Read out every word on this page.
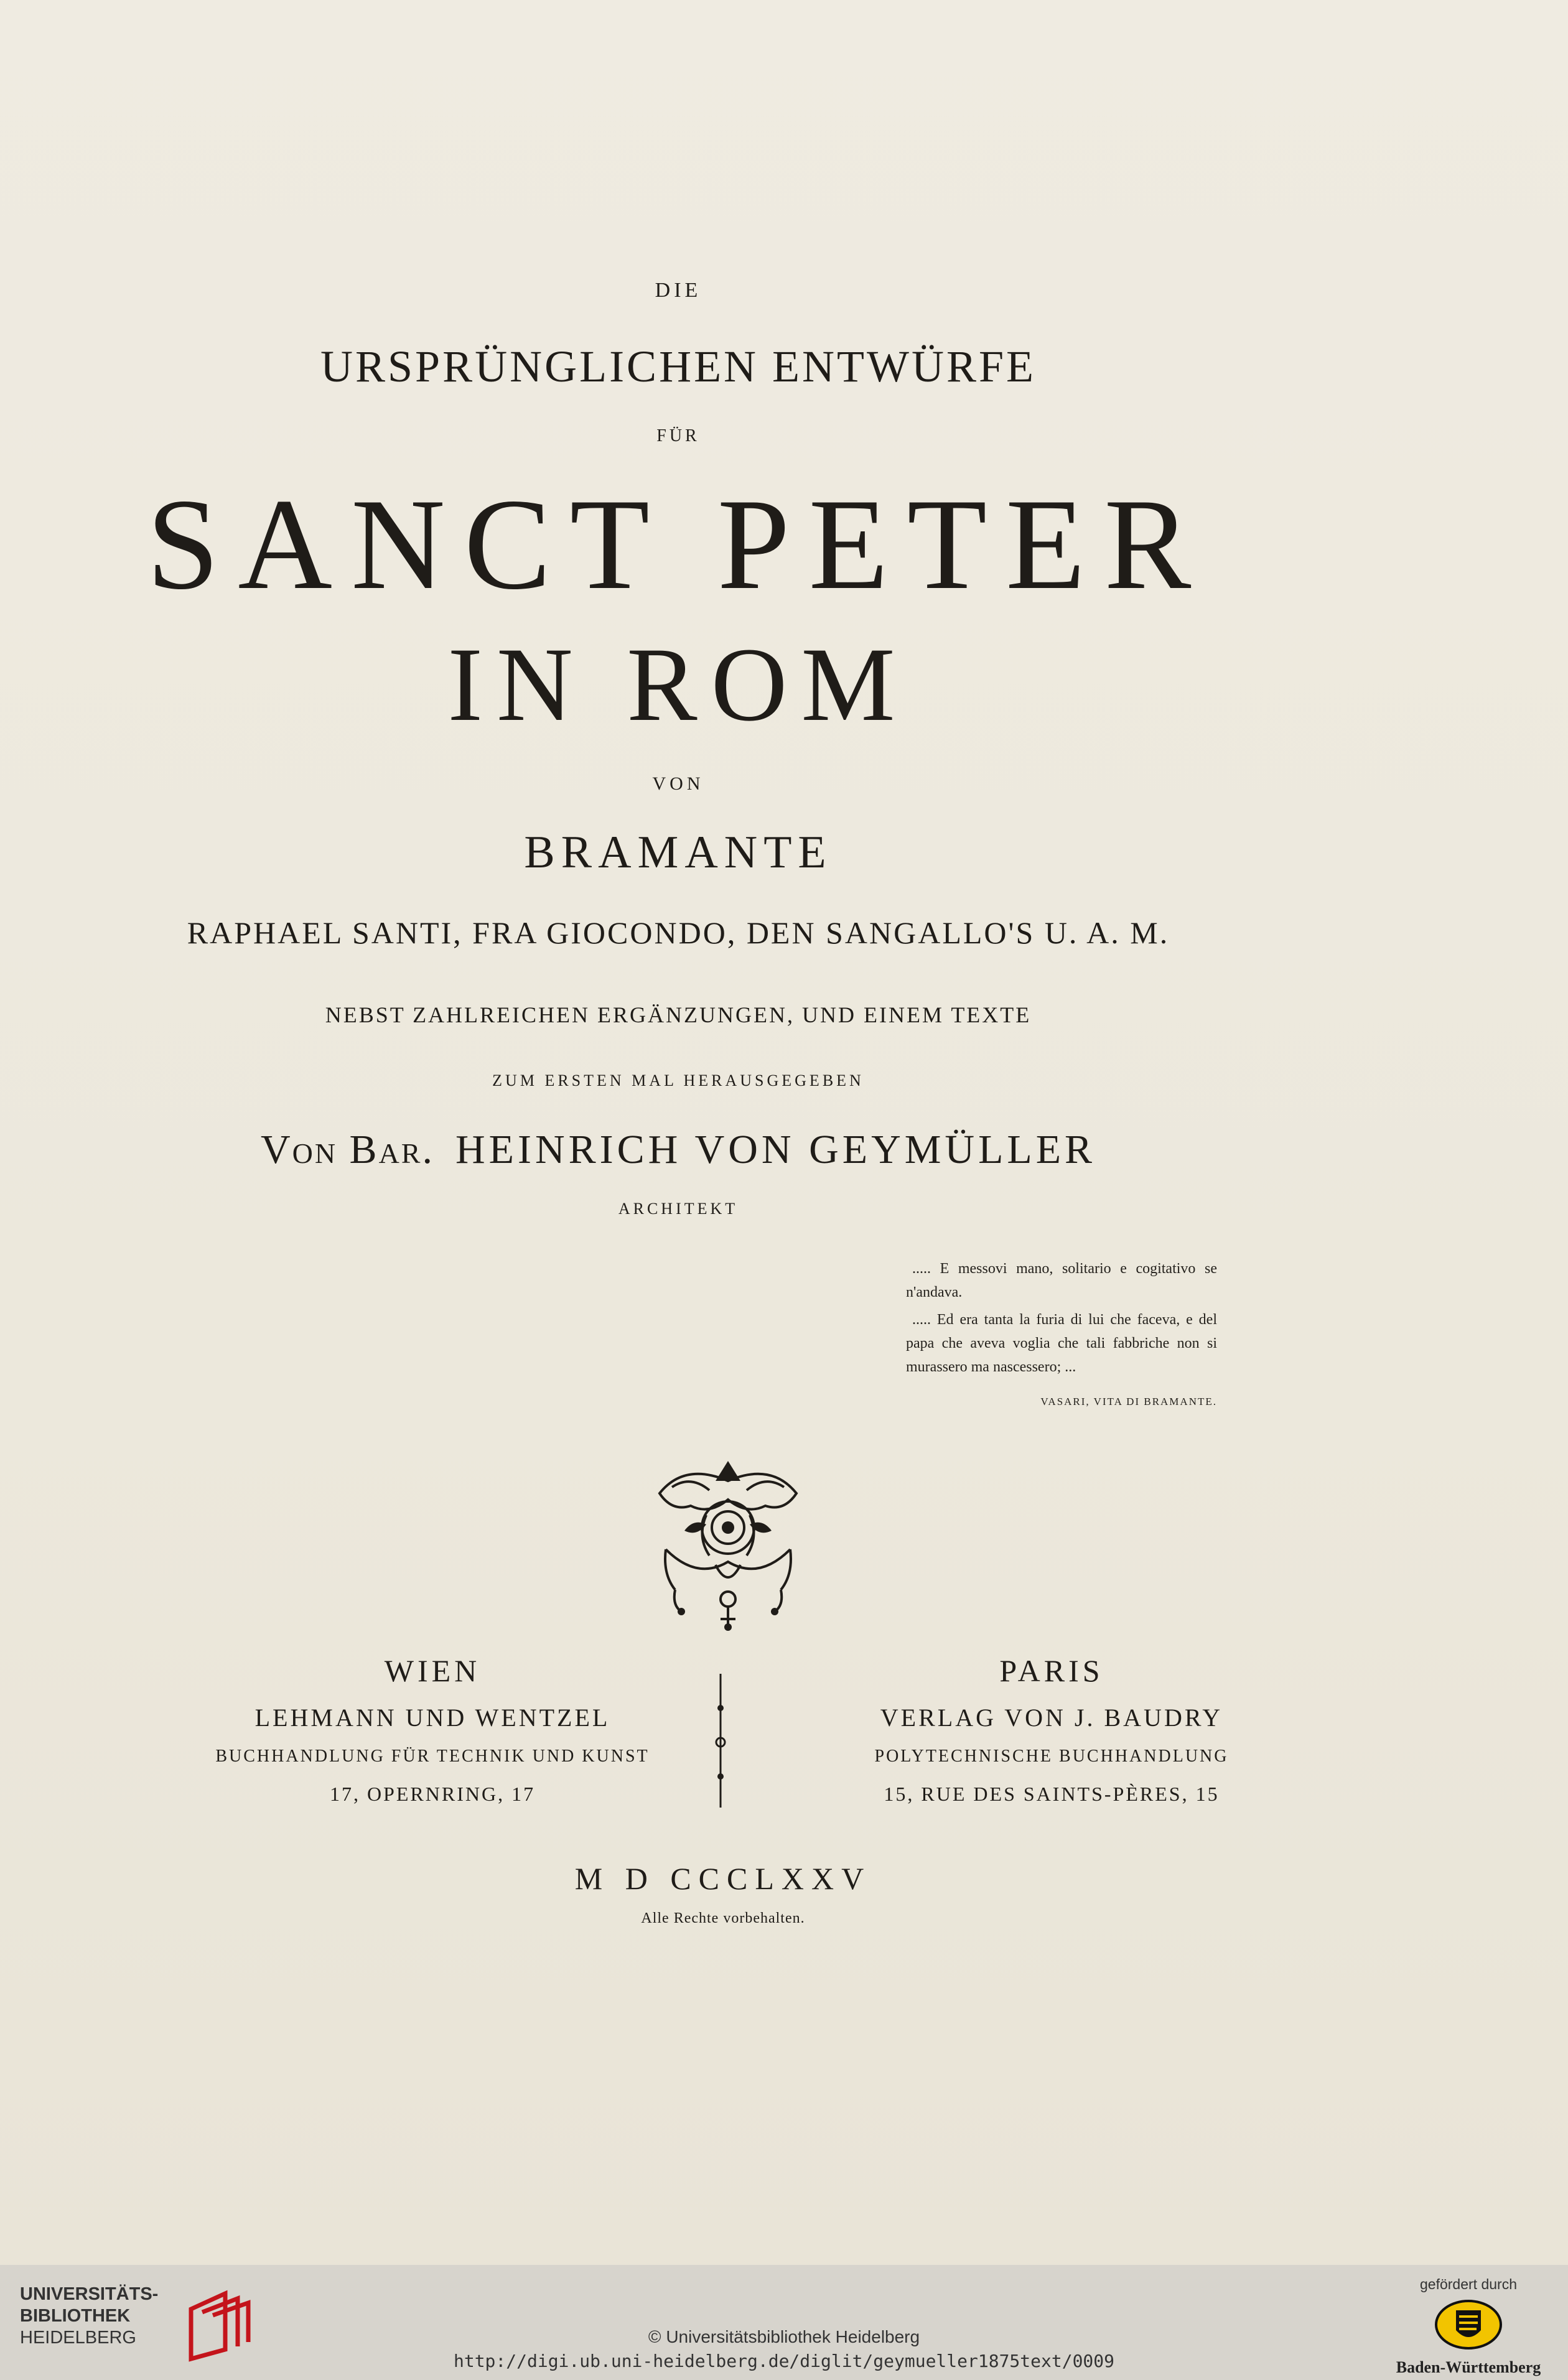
DIE
URSPRÜNGLICHEN ENTWÜRFE
FÜR
SANCT PETER
IN ROM
VON
BRAMANTE
RAPHAEL SANTI, FRA GIOCONDO, DEN SANGALLO'S U. A. M.
NEBST ZAHLREICHEN ERGÄNZUNGEN, UND EINEM TEXTE
ZUM ERSTEN MAL HERAUSGEGEBEN
Von Bar. HEINRICH VON GEYMÜLLER
ARCHITEKT

..... E messovi mano, solitario e cogitativo se n'andava.

..... Ed era tanta la furia di lui che faceva, e del papa che aveva voglia che tali fabbriche non si murassero ma nascessero; ...

VASARI, VITA DI BRAMANTE.
WIEN
LEHMANN UND WENTZEL
BUCHHANDLUNG FÜR TECHNIK UND KUNST
17, OPERNRING, 17
PARIS
VERLAG VON J. BAUDRY
POLYTECHNISCHE BUCHHANDLUNG
15, RUE DES SAINTS-PÈRES, 15
M D CCCLXXV
Alle Rechte vorbehalten.
UNIVERSITÄTS-
BIBLIOTHEK
HEIDELBERG	© Universitätsbibliothek Heidelberg
http://digi.ub.uni-heidelberg.de/diglit/geymueller1875text/0009
gefördert durch
Baden-Württemberg
